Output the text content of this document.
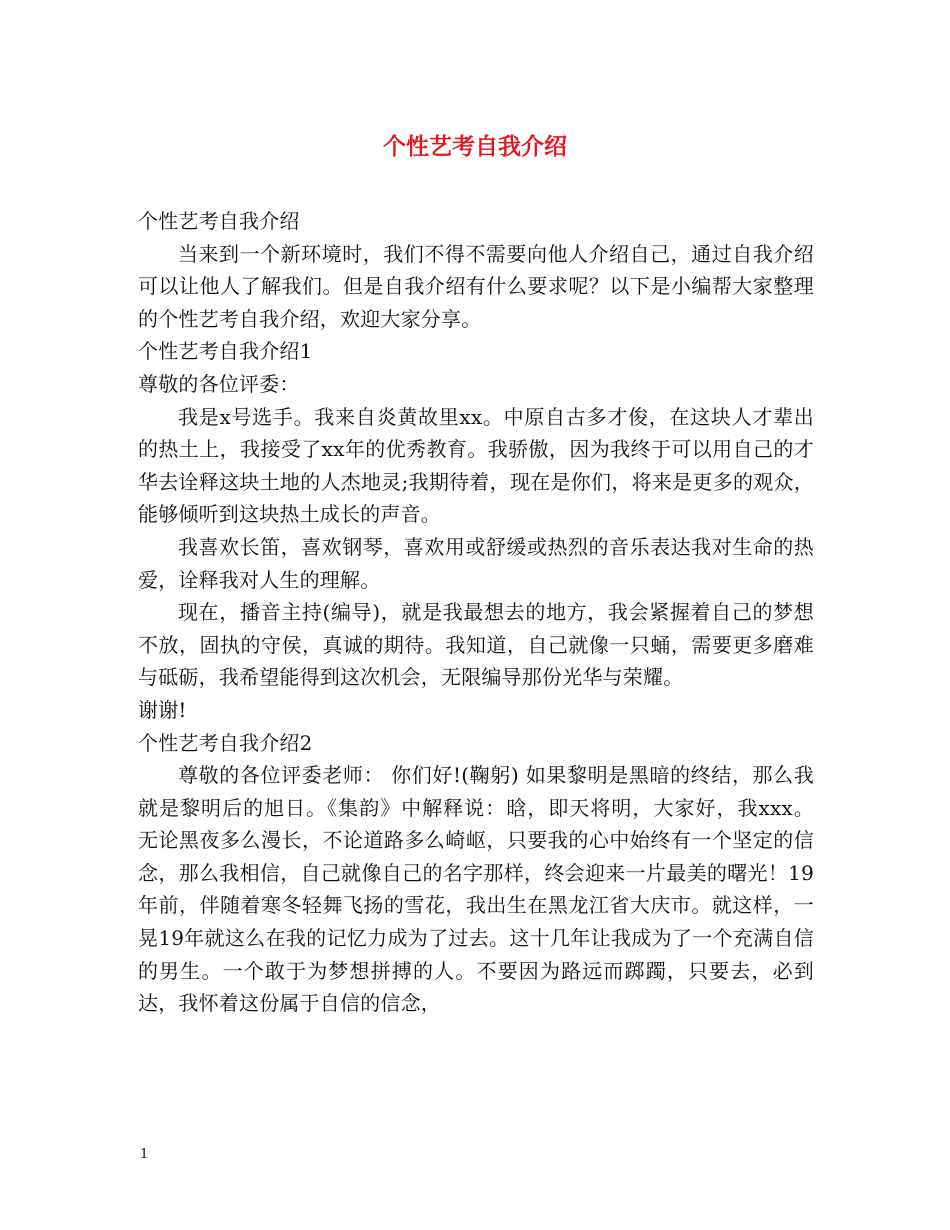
个性艺考自我介绍

个性艺考自我介绍

当来到一个新环境时，我们不得不需要向他人介绍自己，通过自我介绍可以让他人了解我们。但是自我介绍有什么要求呢？以下是小编帮大家整理的个性艺考自我介绍，欢迎大家分享。

个性艺考自我介绍1

尊敬的各位评委：

我是x号选手。我来自炎黄故里xx。中原自古多才俊，在这块人才辈出的热土上，我接受了xx年的优秀教育。我骄傲，因为我终于可以用自己的才华去诠释这块土地的人杰地灵;我期待着，现在是你们，将来是更多的观众，能够倾听到这块热土成长的声音。

我喜欢长笛，喜欢钢琴，喜欢用或舒缓或热烈的音乐表达我对生命的热爱，诠释我对人生的理解。

现在，播音主持(编导)，就是我最想去的地方，我会紧握着自己的梦想不放，固执的守侯，真诚的期待。我知道，自己就像一只蛹，需要更多磨难与砥砺，我希望能得到这次机会，无限编导那份光华与荣耀。

谢谢!

个性艺考自我介绍2

尊敬的各位评委老师： 你们好!(鞠躬) 如果黎明是黑暗的终结，那么我就是黎明后的旭日。《集韵》中解释说：晗，即天将明，大家好，我xxx。 无论黑夜多么漫长，不论道路多么崎岖，只要我的心中始终有一个坚定的信念，那么我相信，自己就像自己的名字那样，终会迎来一片最美的曙光！19年前，伴随着寒冬轻舞飞扬的雪花，我出生在黑龙江省大庆市。就这样，一晃19年就这么在我的记忆力成为了过去。这十几年让我成为了一个充满自信的男生。一个敢于为梦想拼搏的人。不要因为路远而踯躅，只要去，必到达，我怀着这份属于自信的信念，

1
